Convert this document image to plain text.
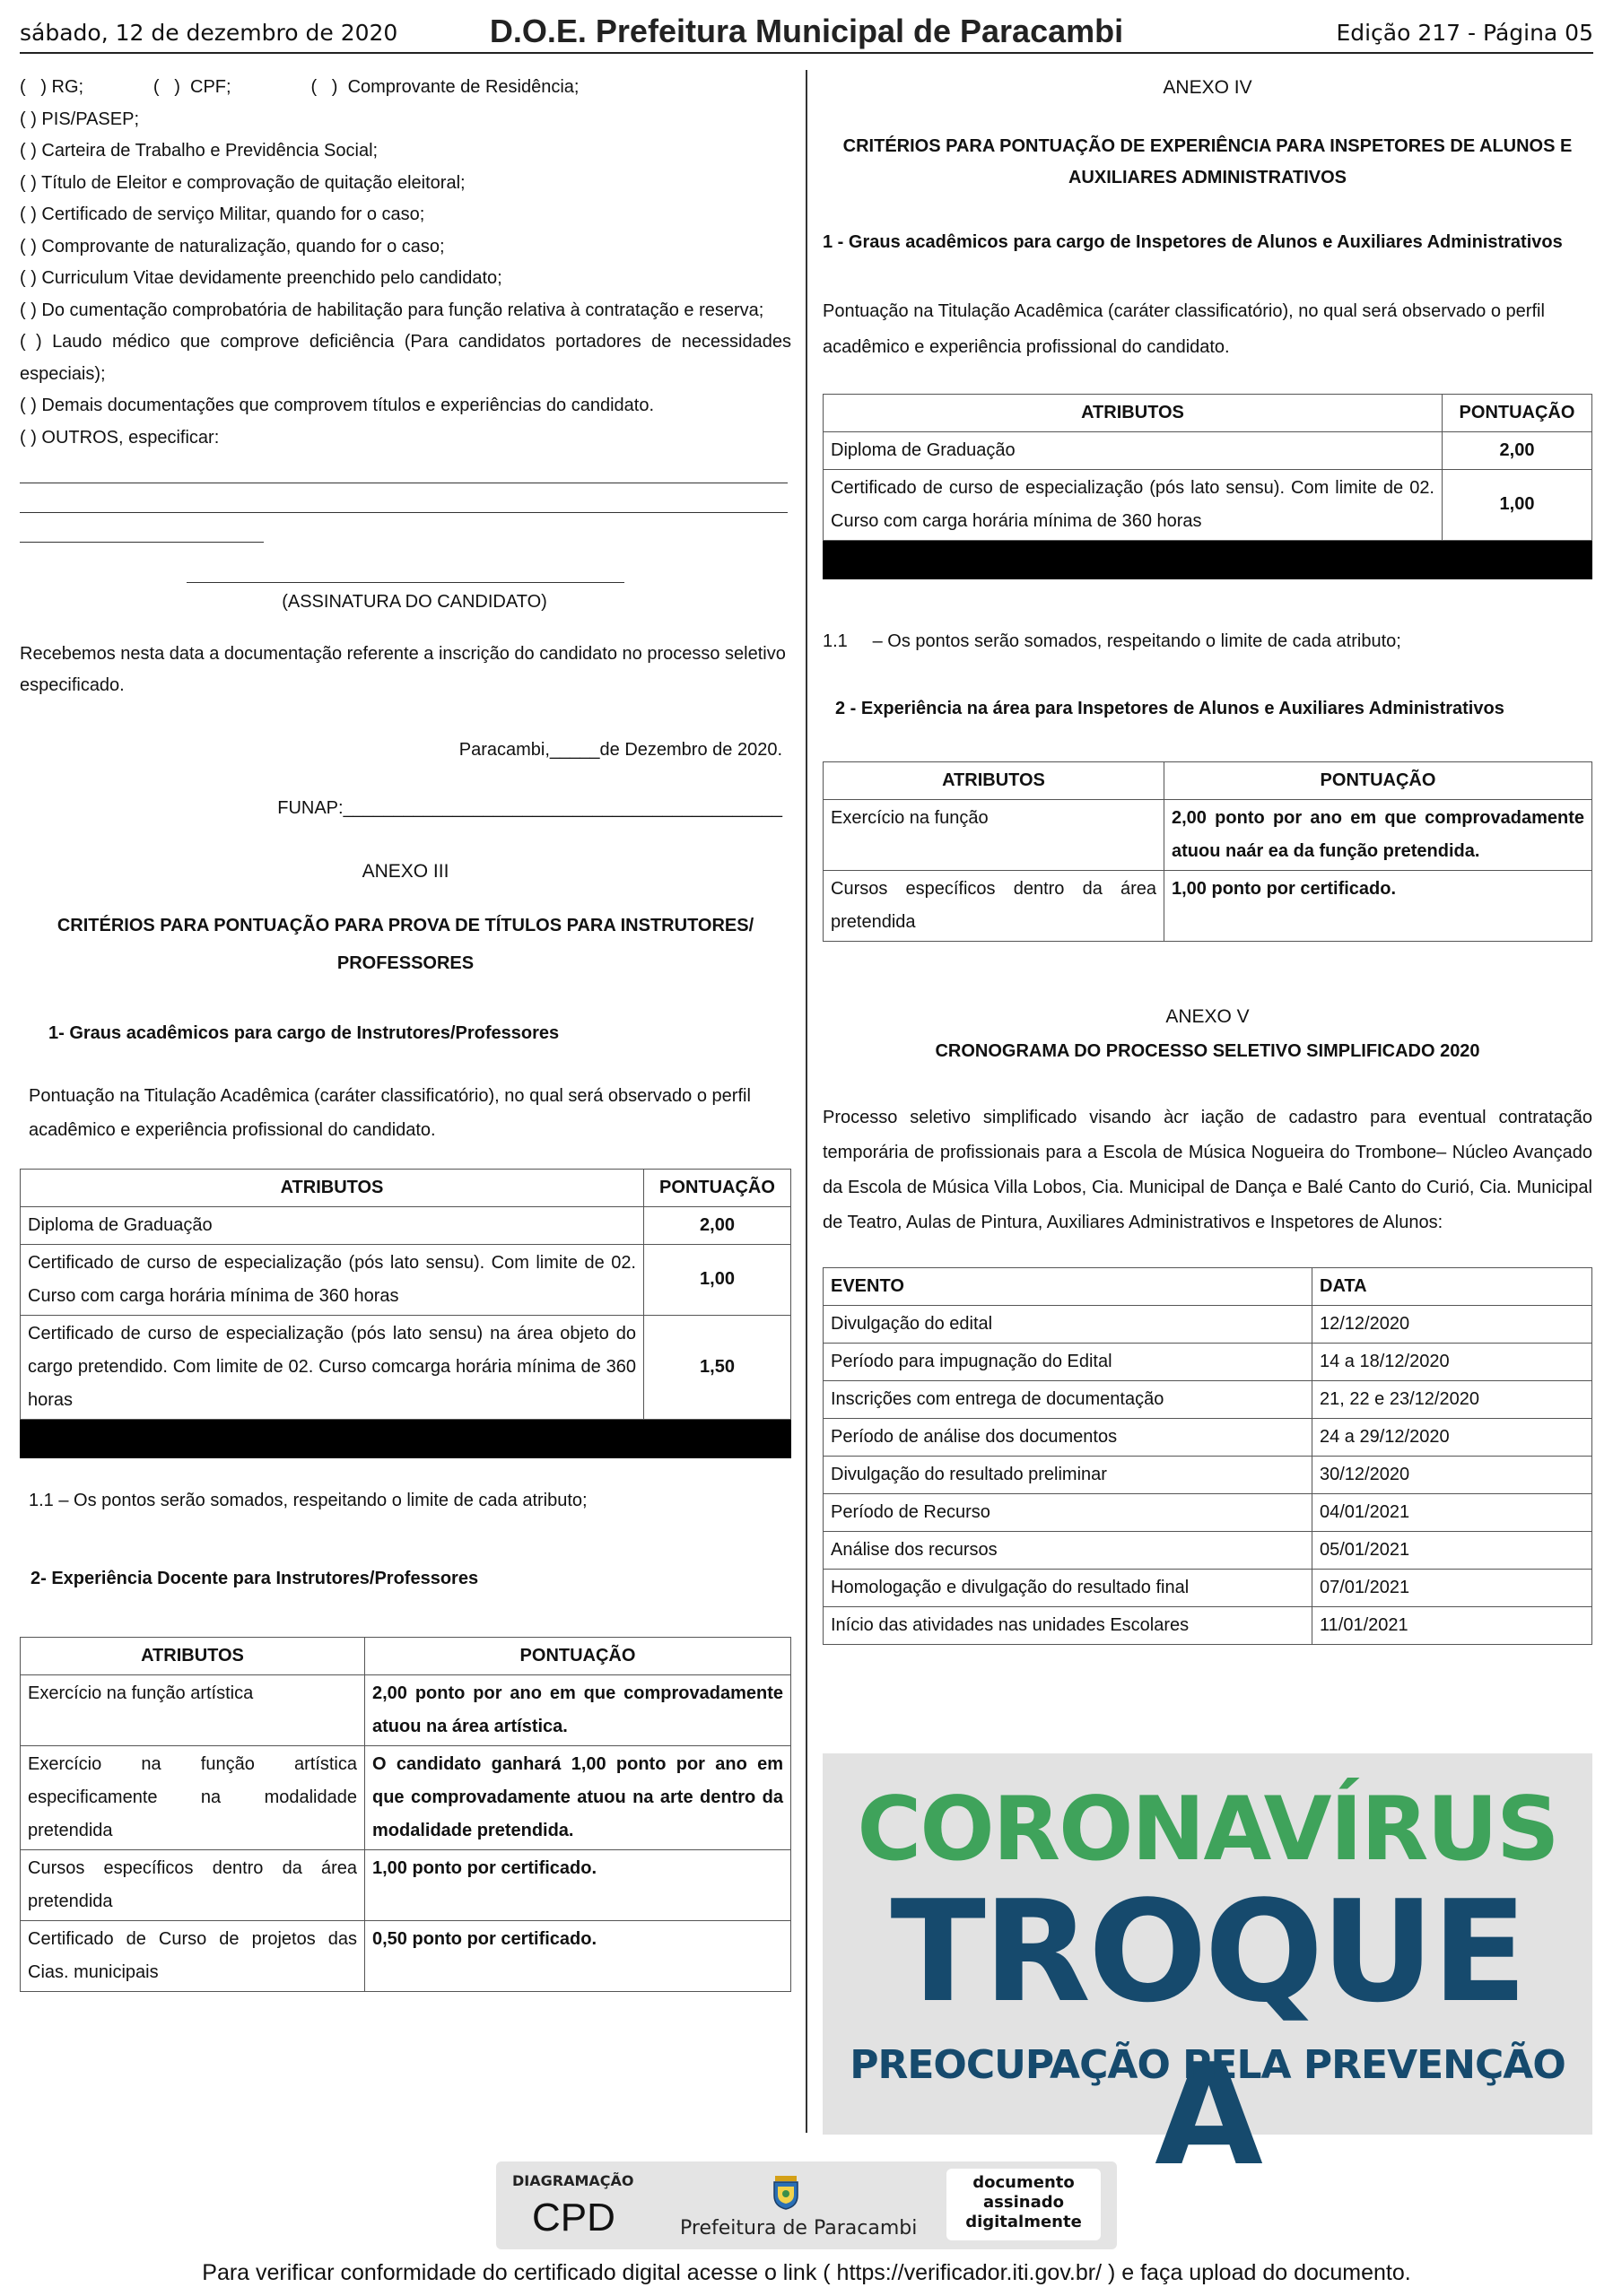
sábado, 12 de dezembro de 2020	D.O.E. Prefeitura Municipal de Paracambi	Edição 217 - Página 05

(   ) RG;              (   )  CPF;                (   )  Comprovante de Residência;

( ) PIS/PASEP;

( ) Carteira de Trabalho e Previdência Social;

( ) Título de Eleitor e comprovação de quitação eleitoral;

( ) Certificado de serviço Militar, quando for o caso;

( ) Comprovante de naturalização, quando for o caso;

( ) Curriculum Vitae devidamente preenchido pelo candidato;

( ) Do cumentação comprobatória de habilitação para função relativa à contratação e reserva;

( ) Laudo médico que comprove deficiência (Para candidatos portadores de necessidades especiais);

( ) Demais documentações que comprovem títulos e experiências do candidato.

( ) OUTROS, especificar:

(ASSINATURA DO CANDIDATO)

Recebemos nesta data a documentação referente a inscrição do candidato no processo seletivo especificado.

Paracambi,_____de Dezembro de 2020.

FUNAP:____________________________________________

ANEXO III

CRITÉRIOS PARA PONTUAÇÃO PARA PROVA DE TÍTULOS PARA INSTRUTORES/ PROFESSORES

1- Graus acadêmicos para cargo de Instrutores/Professores

Pontuação na Titulação Acadêmica (caráter classificatório), no qual será observado o perfil acadêmico e experiência profissional do candidato.

ATRIBUTOS	PONTUAÇÃO
Diploma de Graduação	2,00
Certificado de curso de especialização (pós lato sensu). Com limite de 02. Curso com carga horária mínima de 360 horas	1,00
Certificado de curso de especialização (pós lato sensu) na área objeto do cargo pretendido. Com limite de 02. Curso comcarga horária mínima de 360 horas	1,50

1.1 – Os pontos serão somados, respeitando o limite de cada atributo;

2- Experiência Docente para Instrutores/Professores

ATRIBUTOS	PONTUAÇÃO
Exercício na função artística	2,00 ponto por ano em que comprovadamente atuou na área artística.
Exercício na função artística especificamente na modalidade pretendida	O candidato ganhará 1,00 ponto por ano em que comprovadamente atuou na arte dentro da modalidade pretendida.
Cursos específicos dentro da área pretendida	1,00 ponto por certificado.
Certificado de Curso de projetos das Cias. municipais	0,50 ponto por certificado.

ANEXO IV

CRITÉRIOS PARA PONTUAÇÃO DE EXPERIÊNCIA PARA INSPETORES DE ALUNOS E AUXILIARES ADMINISTRATIVOS

1 - Graus acadêmicos para cargo de Inspetores de Alunos e Auxiliares Administrativos

Pontuação na Titulação Acadêmica (caráter classificatório), no qual será observado o perfil acadêmico e experiência profissional do candidato.

ATRIBUTOS	PONTUAÇÃO
Diploma de Graduação	2,00
Certificado de curso de especialização (pós lato sensu). Com limite de 02. Curso com carga horária mínima de 360 horas	1,00

1.1     – Os pontos serão somados, respeitando o limite de cada atributo;

2 - Experiência na área para Inspetores de Alunos e Auxiliares Administrativos

ATRIBUTOS	PONTUAÇÃO
Exercício na função	2,00 ponto por ano em que comprovadamente atuou naár ea da função pretendida.
Cursos específicos dentro da área pretendida	1,00 ponto por certificado.

ANEXO V

CRONOGRAMA DO PROCESSO SELETIVO SIMPLIFICADO 2020

Processo seletivo simplificado visando àcr iação de cadastro para eventual contratação temporária de profissionais para a Escola de Música Nogueira do Trombone– Núcleo Avançado da Escola de Música Villa Lobos, Cia. Municipal de Dança e Balé Canto do Curió, Cia. Municipal de Teatro, Aulas de Pintura, Auxiliares Administrativos e Inspetores de Alunos:

EVENTO	DATA
Divulgação do edital	12/12/2020
Período para impugnação do Edital	14 a 18/12/2020
Inscrições com entrega de documentação	21, 22 e 23/12/2020
Período de análise dos documentos	24 a 29/12/2020
Divulgação do resultado preliminar	30/12/2020
Período de Recurso	04/01/2021
Análise dos recursos	05/01/2021
Homologação e divulgação do resultado final	07/01/2021
Início das atividades nas unidades Escolares	11/01/2021
CORONAVÍRUS
TROQUE A
PREOCUPAÇÃO PELA PREVENÇÃO
DIAGRAMAÇÃO
CPD	Prefeitura de Paracambi
documento assinado digitalmente
Para verificar conformidade do certificado digital acesse o link ( https://verificador.iti.gov.br/ ) e faça upload do documento.
